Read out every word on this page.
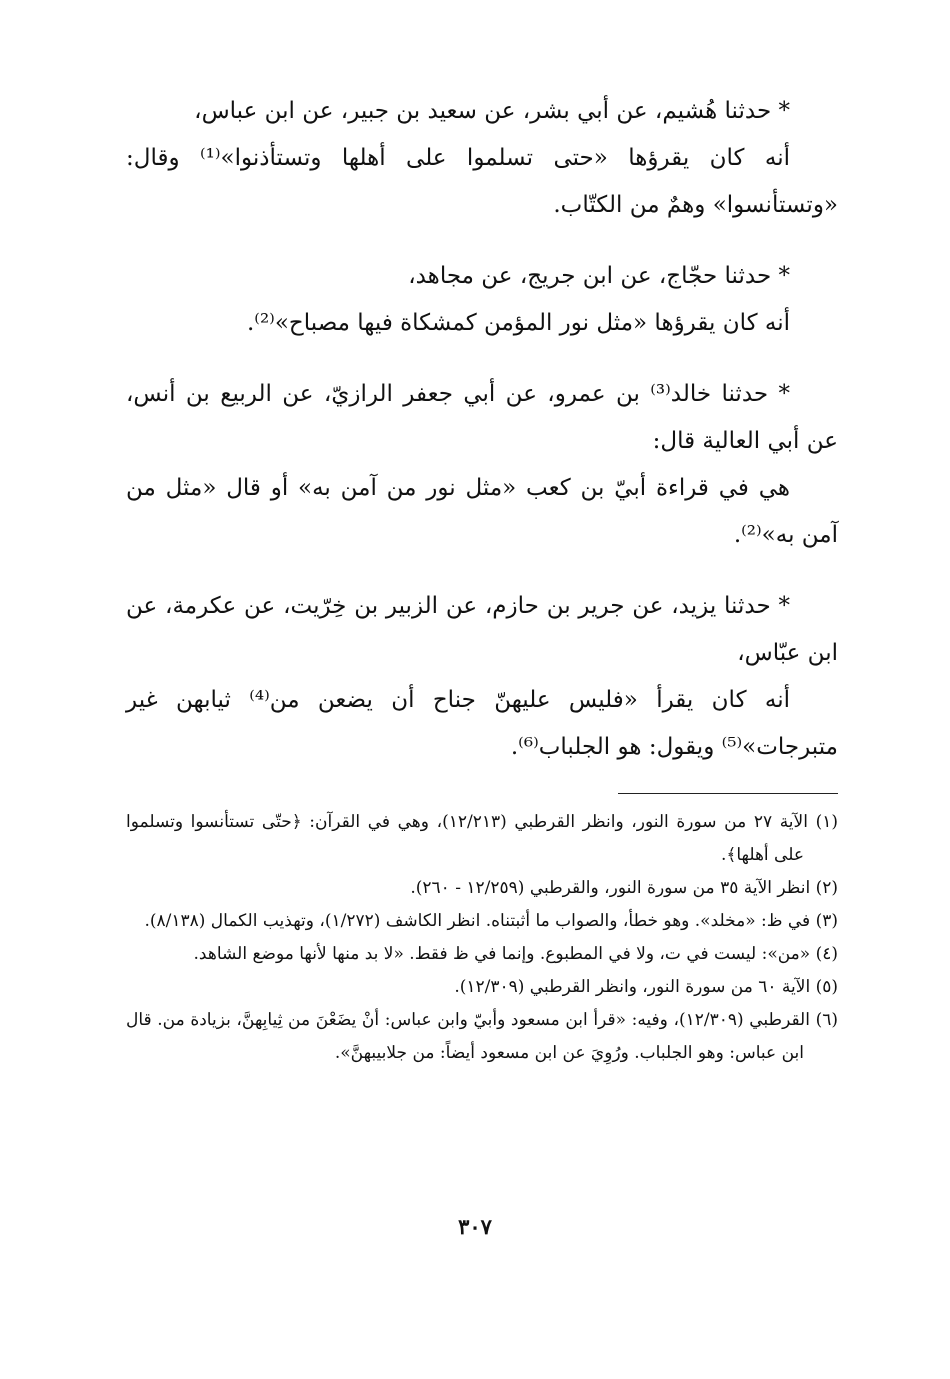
* حدثنا هُشيم، عن أبي بشر، عن سعيد بن جبير، عن ابن عباس،

أنه كان يقرؤها «حتى تسلموا على أهلها وتستأذنوا»⁽¹⁾ وقال: «وتستأنسوا» وهمٌ من الكتّاب.

* حدثنا حجّاج، عن ابن جريج، عن مجاهد،

أنه كان يقرؤها «مثل نور المؤمن كمشكاة فيها مصباح»⁽²⁾.

* حدثنا خالد⁽³⁾ بن عمرو، عن أبي جعفر الرازيّ، عن الربيع بن أنس، عن أبي العالية قال:

هي في قراءة أبيّ بن كعب «مثل نور من آمن به» أو قال «مثل من آمن به»⁽²⁾.

* حدثنا يزيد، عن جرير بن حازم، عن الزبير بن خِرّيت، عن عكرمة، عن ابن عبّاس،

أنه كان يقرأ «فليس عليهنّ جناح أن يضعن من⁽⁴⁾ ثيابهن غير متبرجات»⁽⁵⁾ ويقول: هو الجلباب⁽⁶⁾.

(١) الآية ٢٧ من سورة النور، وانظر القرطبي (١٢/٢١٣)، وهي في القرآن: ﴿حتّى تستأنسوا وتسلموا على أهلها﴾.

(٢) انظر الآية ٣٥ من سورة النور، والقرطبي (١٢/٢٥٩ - ٢٦٠).

(٣) في ظ: «مخلد». وهو خطأ، والصواب ما أثبتناه. انظر الكاشف (١/٢٧٢)، وتهذيب الكمال (٨/١٣٨).

(٤) «من»: ليست في ت، ولا في المطبوع. وإنما في ظ فقط. «لا بد منها لأنها موضع الشاهد.

(٥) الآية ٦٠ من سورة النور، وانظر القرطبي (١٢/٣٠٩).

(٦) القرطبي (١٢/٣٠٩)، وفيه: «قرأ ابن مسعود وأبيّ وابن عباس: أنْ يضَعْنَ من ثِيابِهنَّ، بزيادة من. قال ابن عباس: وهو الجلباب. ورُوِيَ عن ابن مسعود أيضاً: من جلابيبهنَّ».

٣٠٧
